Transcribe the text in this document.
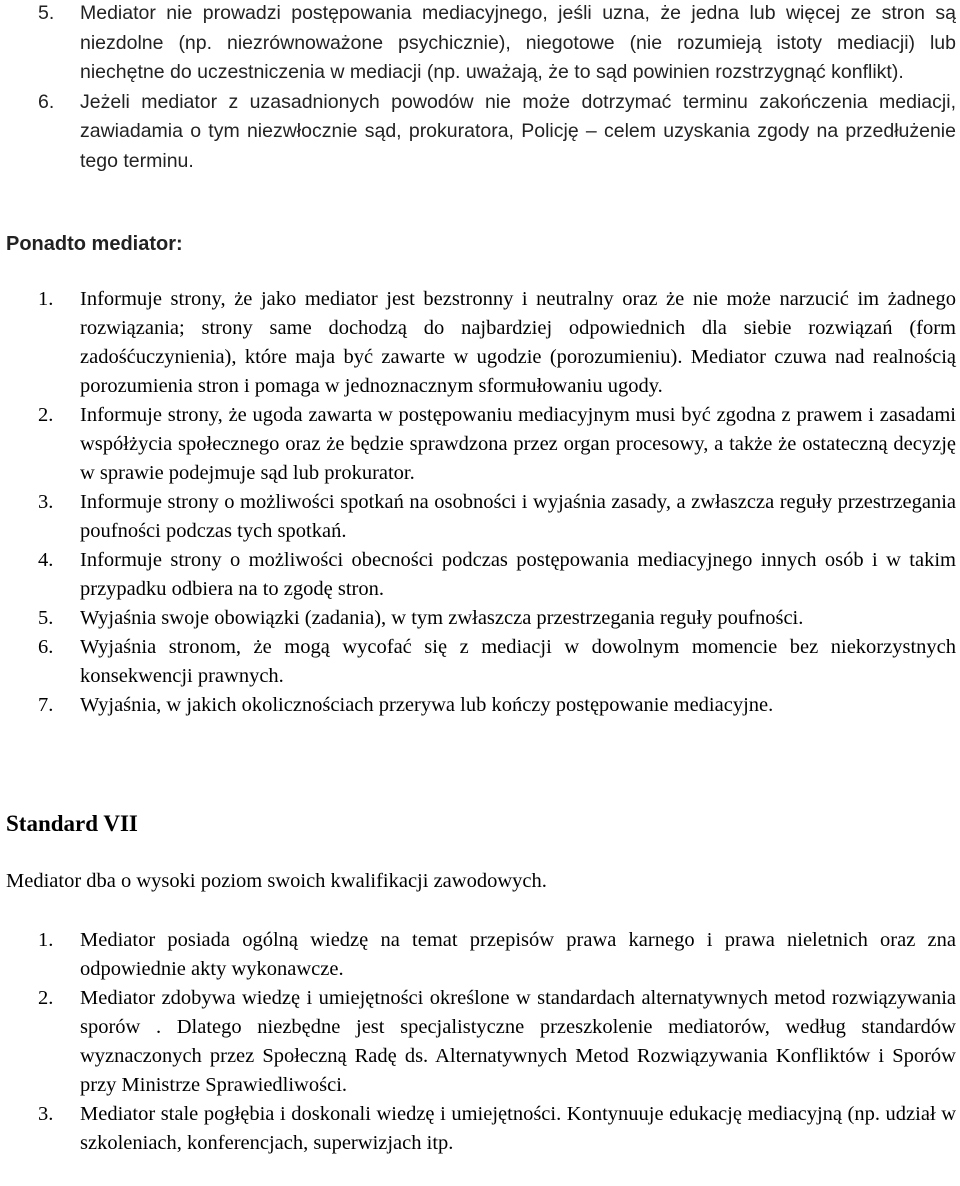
5. Mediator nie prowadzi postępowania mediacyjnego, jeśli uzna, że jedna lub więcej ze stron są niezdolne (np. niezrównoważone psychicznie), niegotowe (nie rozumieją istoty mediacji) lub niechętne do uczestniczenia w mediacji (np. uważają, że to sąd powinien rozstrzygnąć konflikt).
6. Jeżeli mediator z uzasadnionych powodów nie może dotrzymać terminu zakończenia mediacji, zawiadamia o tym niezwłocznie sąd, prokuratora, Policję – celem uzyskania zgody na przedłużenie tego terminu.
Ponadto mediator:
1. Informuje strony, że jako mediator jest bezstronny i neutralny oraz że nie może narzucić im żadnego rozwiązania; strony same dochodzą do najbardziej odpowiednich dla siebie rozwiązań (form zadośćuczynienia), które maja być zawarte w ugodzie (porozumieniu). Mediator czuwa nad realnością porozumienia stron i pomaga w jednoznacznym sformułowaniu ugody.
2. Informuje strony, że ugoda zawarta w postępowaniu mediacyjnym musi być zgodna z prawem i zasadami współżycia społecznego oraz że będzie sprawdzona przez organ procesowy, a także że ostateczną decyzję w sprawie podejmuje sąd lub prokurator.
3. Informuje strony o możliwości spotkań na osobności i wyjaśnia zasady, a zwłaszcza reguły przestrzegania poufności podczas tych spotkań.
4. Informuje strony o możliwości obecności podczas postępowania mediacyjnego innych osób i w takim przypadku odbiera na to zgodę stron.
5. Wyjaśnia swoje obowiązki (zadania), w tym zwłaszcza przestrzegania reguły poufności.
6. Wyjaśnia stronom, że mogą wycofać się z mediacji w dowolnym momencie bez niekorzystnych konsekwencji prawnych.
7. Wyjaśnia, w jakich okolicznościach przerywa lub kończy postępowanie mediacyjne.
Standard VII

Mediator dba o wysoki poziom swoich kwalifikacji zawodowych.

1. Mediator posiada ogólną wiedzę na temat przepisów prawa karnego i prawa nieletnich oraz zna odpowiednie akty wykonawcze.
2. Mediator zdobywa wiedzę i umiejętności określone w standardach alternatywnych metod rozwiązywania sporów . Dlatego niezbędne jest specjalistyczne przeszkolenie mediatorów, według standardów wyznaczonych przez Społeczną Radę ds. Alternatywnych Metod Rozwiązywania Konfliktów i Sporów przy Ministrze Sprawiedliwości.
3. Mediator stale pogłębia i doskonali wiedzę i umiejętności. Kontynuuje edukację mediacyjną (np. udział w szkoleniach, konferencjach, superwizjach itp.
